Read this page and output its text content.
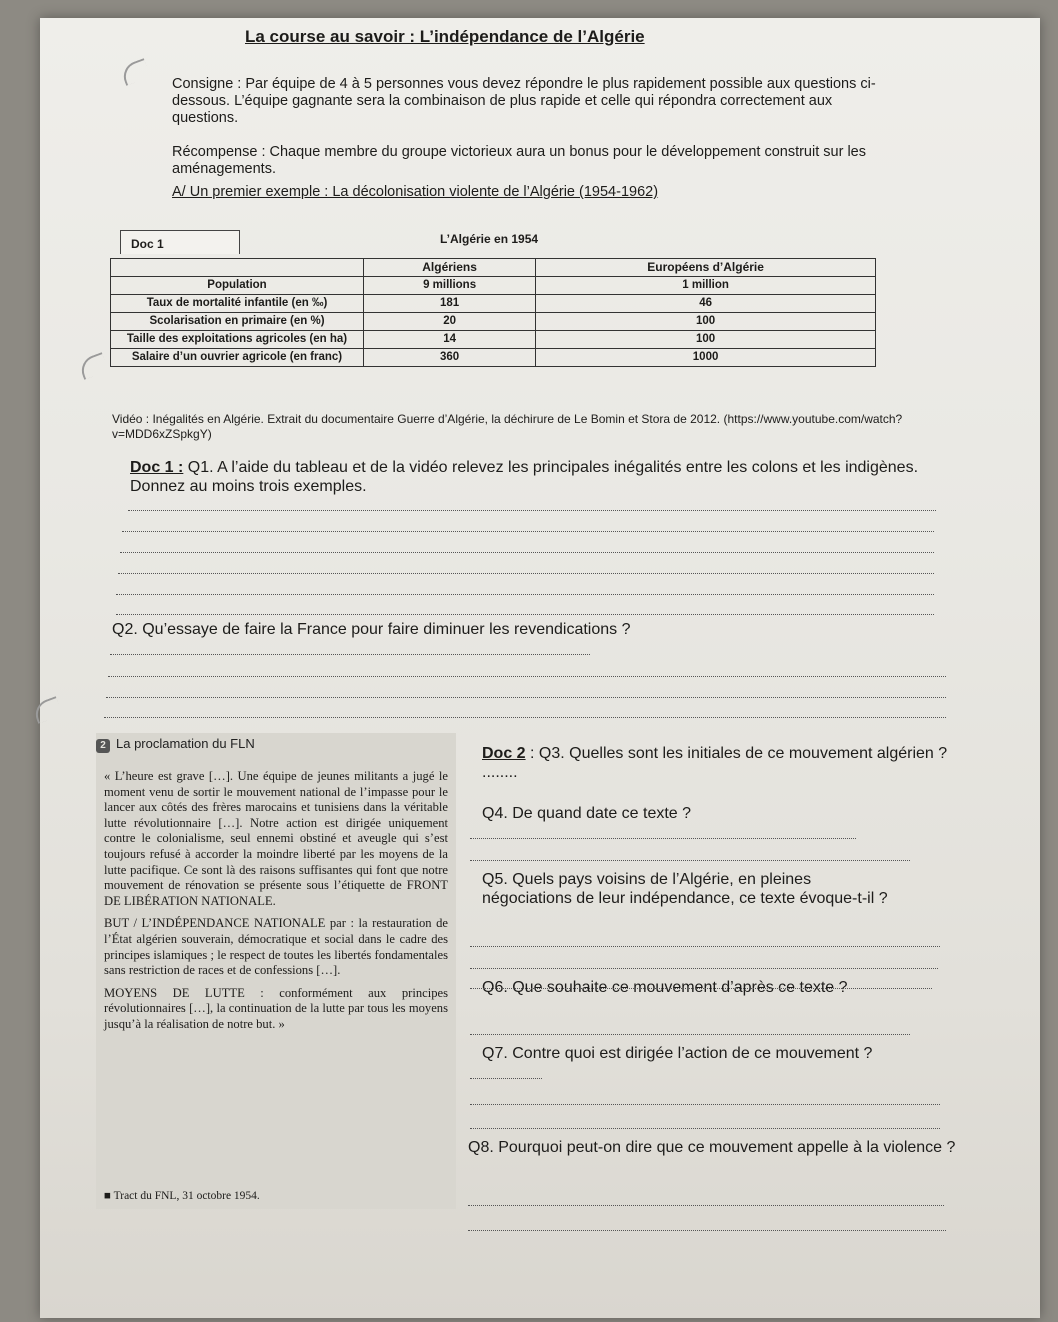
La course au savoir : L’indépendance de l’Algérie
Consigne : Par équipe de 4 à 5 personnes vous devez répondre le plus rapidement possible aux questions ci-dessous. L’équipe gagnante sera la combinaison de plus rapide et celle qui répondra correctement aux questions.
Récompense : Chaque membre du groupe victorieux aura un bonus pour le développement construit sur les aménagements.
A/ Un premier exemple : La décolonisation violente de l’Algérie (1954-1962)
Doc 1	L’Algérie en 1954
	Algériens	Européens d’Algérie
Population	9 millions	1 million
Taux de mortalité infantile (en ‰)	181	46
Scolarisation en primaire (en %)	20	100
Taille des exploitations agricoles (en ha)	14	100
Salaire d’un ouvrier agricole (en franc)	360	1000
Vidéo : Inégalités en Algérie. Extrait du documentaire Guerre d’Algérie, la déchirure de Le Bomin et Stora de 2012. (https://www.youtube.com/watch?v=MDD6xZSpkgY)
Doc 1 : Q1. A l’aide du tableau et de la vidéo relevez les principales inégalités entre les colons et les indigènes. Donnez au moins trois exemples.
Q2. Qu’essaye de faire la France pour faire diminuer les revendications ?
2 La proclamation du FLN

« L’heure est grave […]. Une équipe de jeunes militants a jugé le moment venu de sortir le mouvement national de l’impasse pour le lancer aux côtés des frères marocains et tunisiens dans la véritable lutte révolutionnaire […]. Notre action est dirigée uniquement contre le colonialisme, seul ennemi obstiné et aveugle qui s’est toujours refusé à accorder la moindre liberté par les moyens de la lutte pacifique. Ce sont là des raisons suffisantes qui font que notre mouvement de rénovation se présente sous l’étiquette de FRONT DE LIBÉRATION NATIONALE.

BUT / L’INDÉPENDANCE NATIONALE par : la restauration de l’État algérien souverain, démocratique et social dans le cadre des principes islamiques ; le respect de toutes les libertés fondamentales sans restriction de races et de confessions […].

MOYENS DE LUTTE : conformément aux principes révolutionnaires […], la continuation de la lutte par tous les moyens jusqu’à la réalisation de notre but. »

■ Tract du FNL, 31 octobre 1954.
Doc 2 : Q3. Quelles sont les initiales de ce mouvement algérien ? ........
Q4. De quand date ce texte ?
Q5. Quels pays voisins de l’Algérie, en pleines négociations de leur indépendance, ce texte évoque-t-il ?
Q6. Que souhaite ce mouvement d’après ce texte ?
Q7. Contre quoi est dirigée l’action de ce mouvement ?
Q8. Pourquoi peut-on dire que ce mouvement appelle à la violence ?
